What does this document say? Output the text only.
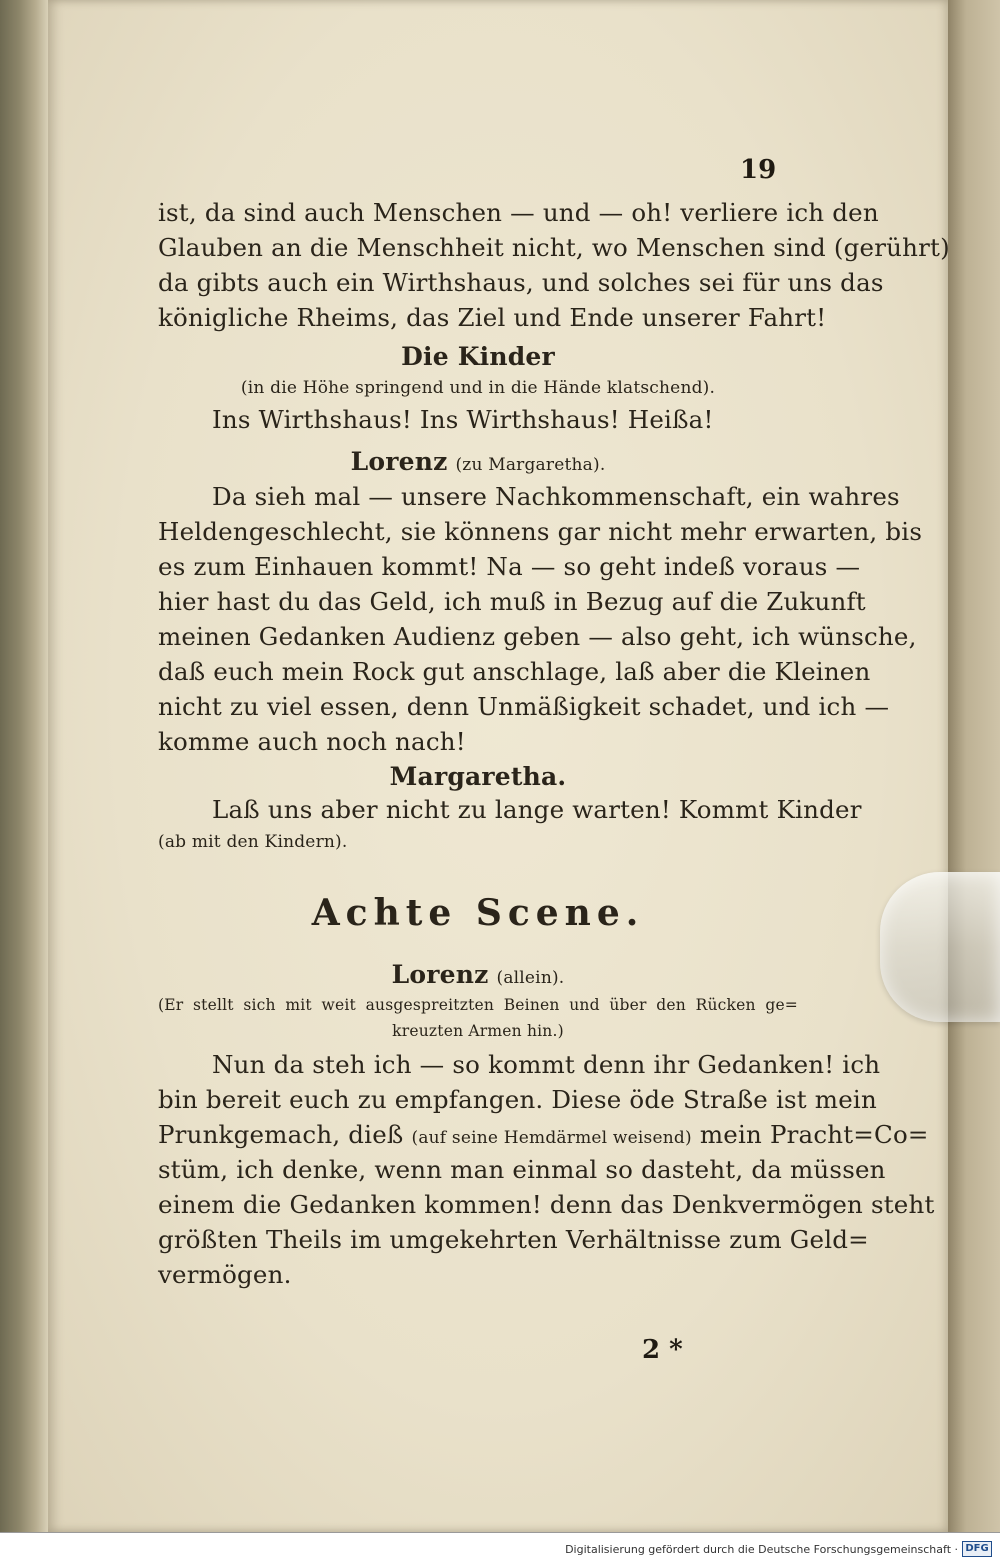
19
ist, da sind auch Menschen — und — oh! verliere ich den
Glauben an die Menschheit nicht, wo Menschen sind (gerührt)
da gibts auch ein Wirthshaus, und solches sei für uns das
königliche Rheims, das Ziel und Ende unserer Fahrt!
Die Kinder
(in die Höhe springend und in die Hände klatschend).
Ins Wirthshaus! Ins Wirthshaus! Heißa!
Lorenz (zu Margaretha).
Da sieh mal — unsere Nachkommenschaft, ein wahres
Heldengeschlecht, sie könnens gar nicht mehr erwarten, bis
es zum Einhauen kommt! Na — so geht indeß voraus —
hier hast du das Geld, ich muß in Bezug auf die Zukunft
meinen Gedanken Audienz geben — also geht, ich wünsche,
daß euch mein Rock gut anschlage, laß aber die Kleinen
nicht zu viel essen, denn Unmäßigkeit schadet, und ich —
komme auch noch nach!
Margaretha.
Laß uns aber nicht zu lange warten! Kommt Kinder
(ab mit den Kindern).
Achte Scene.
Lorenz (allein).
(Er stellt sich mit weit ausgespreitzten Beinen und über den Rücken ge=
kreuzten Armen hin.)
Nun da steh ich — so kommt denn ihr Gedanken! ich
bin bereit euch zu empfangen. Diese öde Straße ist mein
Prunkgemach, dieß (auf seine Hemdärmel weisend) mein Pracht=Co=
stüm, ich denke, wenn man einmal so dasteht, da müssen
einem die Gedanken kommen! denn das Denkvermögen steht
größten Theils im umgekehrten Verhältnisse zum Geld=
vermögen.
2 *
Digitalisierung gefördert durch die Deutsche Forschungsgemeinschaft · DFG
